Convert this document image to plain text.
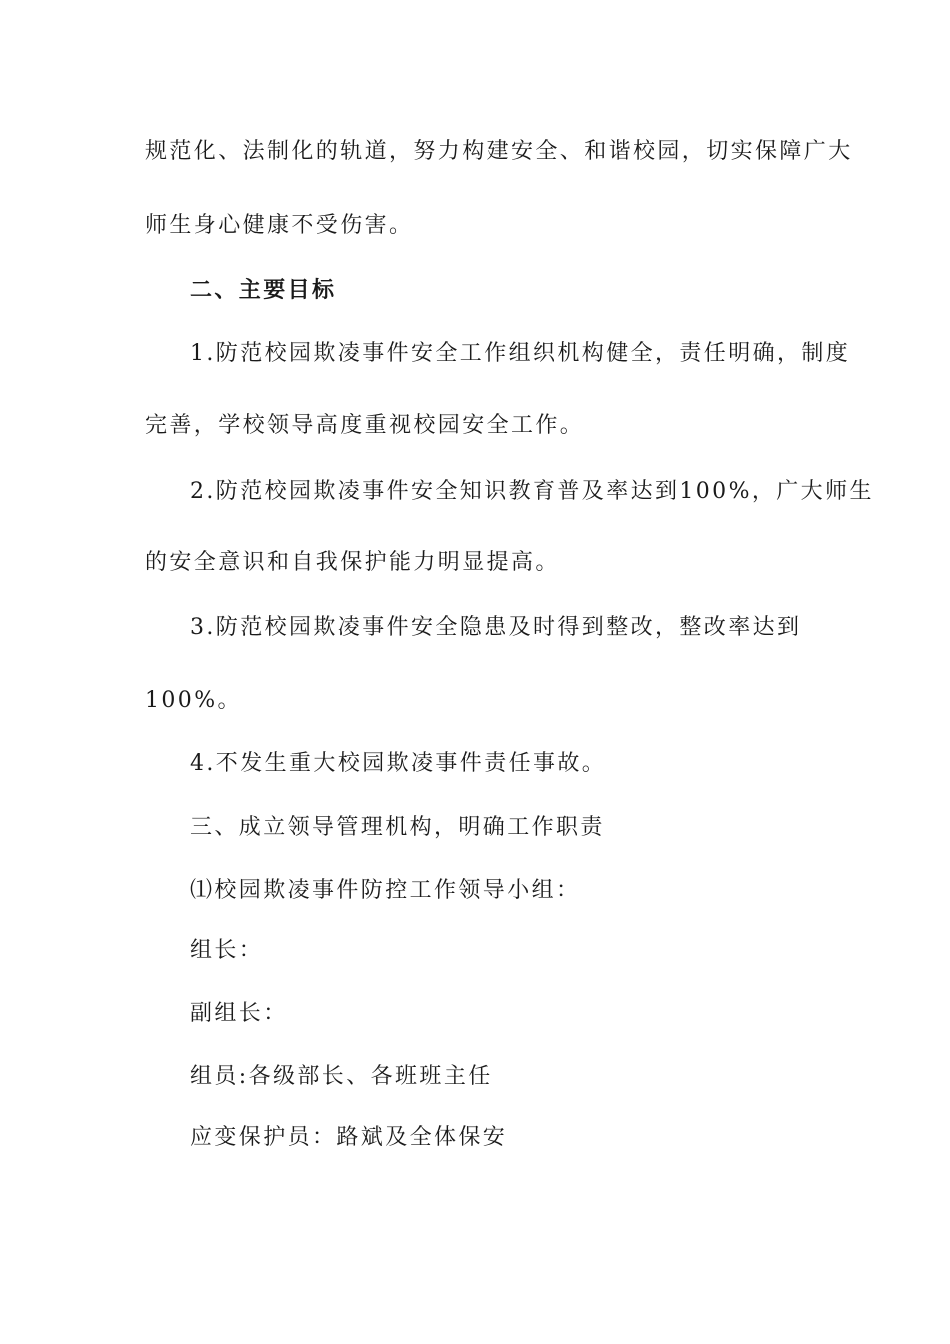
规范化、法制化的轨道，努力构建安全、和谐校园，切实保障广大
师生身心健康不受伤害。
二、主要目标
1.防范校园欺凌事件安全工作组织机构健全，责任明确，制度
完善，学校领导高度重视校园安全工作。
2.防范校园欺凌事件安全知识教育普及率达到100%，广大师生
的安全意识和自我保护能力明显提高。
3.防范校园欺凌事件安全隐患及时得到整改，整改率达到
100%。
4.不发生重大校园欺凌事件责任事故。
三、成立领导管理机构，明确工作职责
⑴校园欺凌事件防控工作领导小组：
组长：
副组长：
组员:各级部长、各班班主任
应变保护员：路斌及全体保安
